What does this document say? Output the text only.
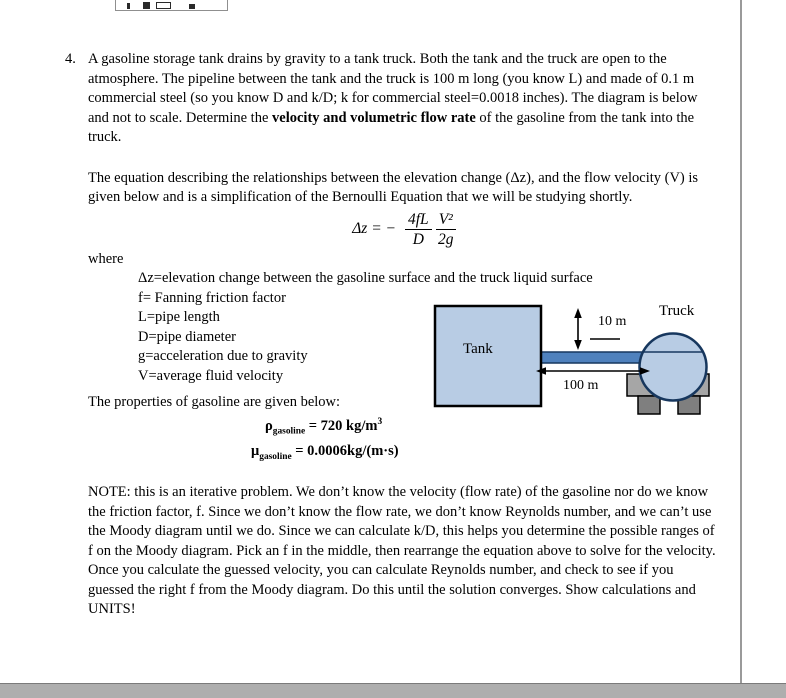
4. A gasoline storage tank drains by gravity to a tank truck. Both the tank and the truck are open to the atmosphere. The pipeline between the tank and the truck is 100 m long (you know L) and made of 0.1 m commercial steel (so you know D and k/D; k for commercial steel=0.0018 inches). The diagram is below and not to scale. Determine the velocity and volumetric flow rate of the gasoline from the tank into the truck.

The equation describing the relationships between the elevation change (Δz), and the flow velocity (V) is given below and is a simplification of the Bernoulli Equation that we will be studying shortly.

Δz = − $\frac{4fL}{D} \frac{\text{V²}}{2g}$
where
Δz=elevation change between the gasoline surface and the truck liquid surface
f= Fanning friction factor
L=pipe length
D=pipe diameter
g=acceleration due to gravity
V=average fluid velocity

The properties of gasoline are given below:

$\rho_{gasoline} = 720$ $kg/m^3$
$\mu_{gasoline} = 0.0006kg/(m\cdot s)$

NOTE: this is an iterative problem. We don’t know the velocity (flow rate) of the gasoline nor do we know the friction factor, f. Since we don’t know the flow rate, we don’t know Reynolds number, and we can’t use the Moody diagram until we do. Since we can calculate k/D, this helps you determine the possible ranges of f on the Moody diagram. Pick an f in the middle, then rearrange the equation above to solve for the velocity. Once you calculate the guessed velocity, you can calculate Reynolds number, and check to see if you guessed the right f from the Moody diagram. Do this until the solution converges. Show calculations and UNITS!

Tank
Truck
10 m
100 m
